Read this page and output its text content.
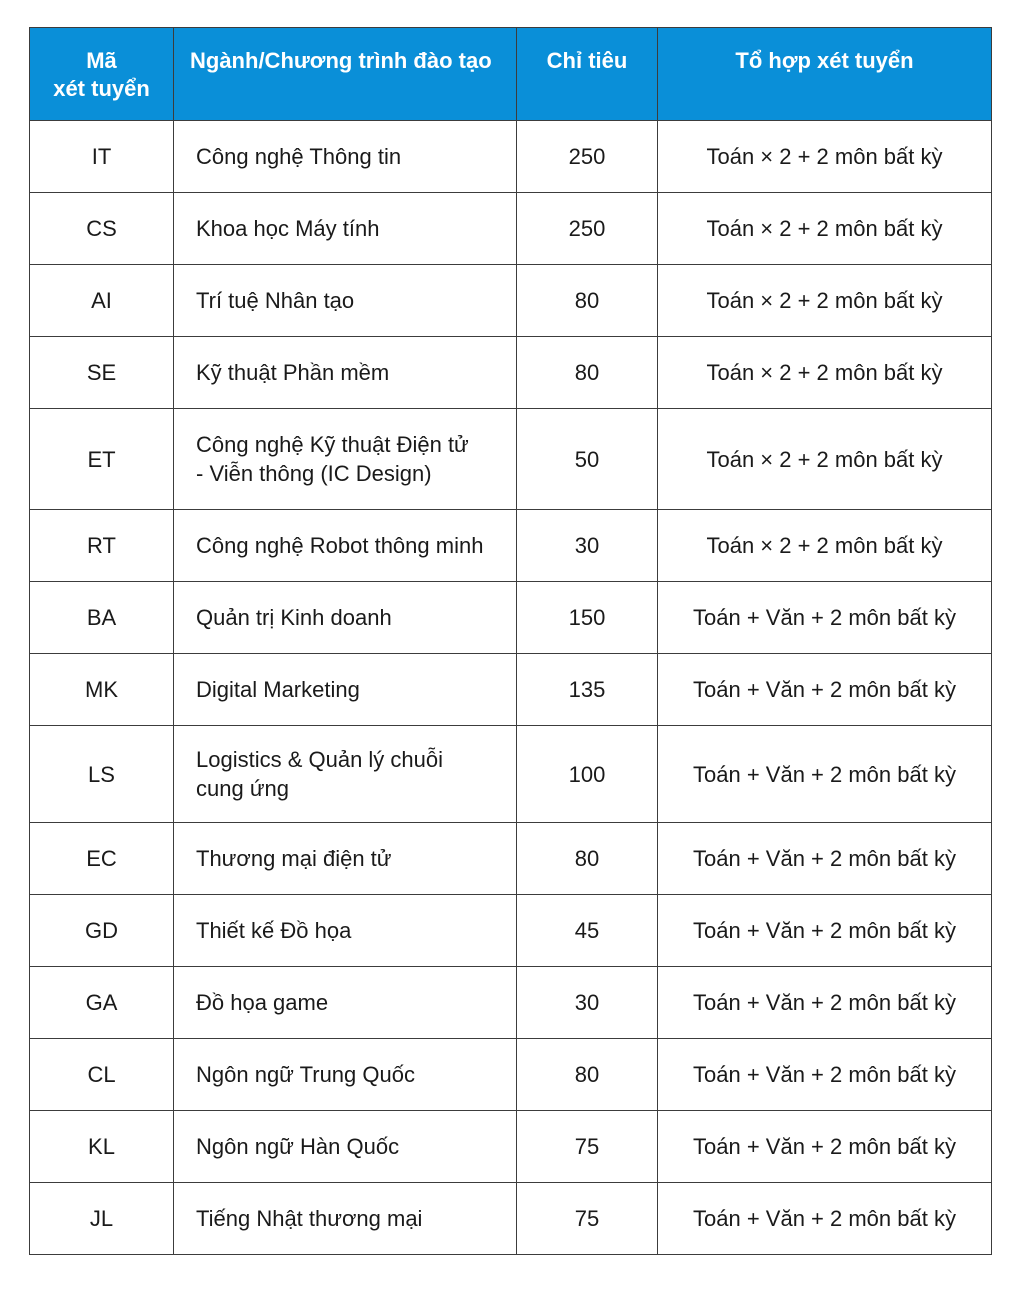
Mã
xét tuyển	Ngành/Chương trình đào tạo	Chỉ tiêu	Tổ hợp xét tuyển

IT	Công nghệ Thông tin	250	Toán × 2 + 2 môn bất kỳ
CS	Khoa học Máy tính	250	Toán × 2 + 2 môn bất kỳ
AI	Trí tuệ Nhân tạo	80	Toán × 2 + 2 môn bất kỳ
SE	Kỹ thuật Phần mềm	80	Toán × 2 + 2 môn bất kỳ
ET	Công nghệ Kỹ thuật Điện tử
- Viễn thông (IC Design)	50	Toán × 2 + 2 môn bất kỳ
RT	Công nghệ Robot thông minh	30	Toán × 2 + 2 môn bất kỳ
BA	Quản trị Kinh doanh	150	Toán + Văn + 2 môn bất kỳ
MK	Digital Marketing	135	Toán + Văn + 2 môn bất kỳ
LS	Logistics & Quản lý chuỗi
cung ứng	100	Toán + Văn + 2 môn bất kỳ
EC	Thương mại điện tử	80	Toán + Văn + 2 môn bất kỳ
GD	Thiết kế Đồ họa	45	Toán + Văn + 2 môn bất kỳ
GA	Đồ họa game	30	Toán + Văn + 2 môn bất kỳ
CL	Ngôn ngữ Trung Quốc	80	Toán + Văn + 2 môn bất kỳ
KL	Ngôn ngữ Hàn Quốc	75	Toán + Văn + 2 môn bất kỳ
JL	Tiếng Nhật thương mại	75	Toán + Văn + 2 môn bất kỳ
